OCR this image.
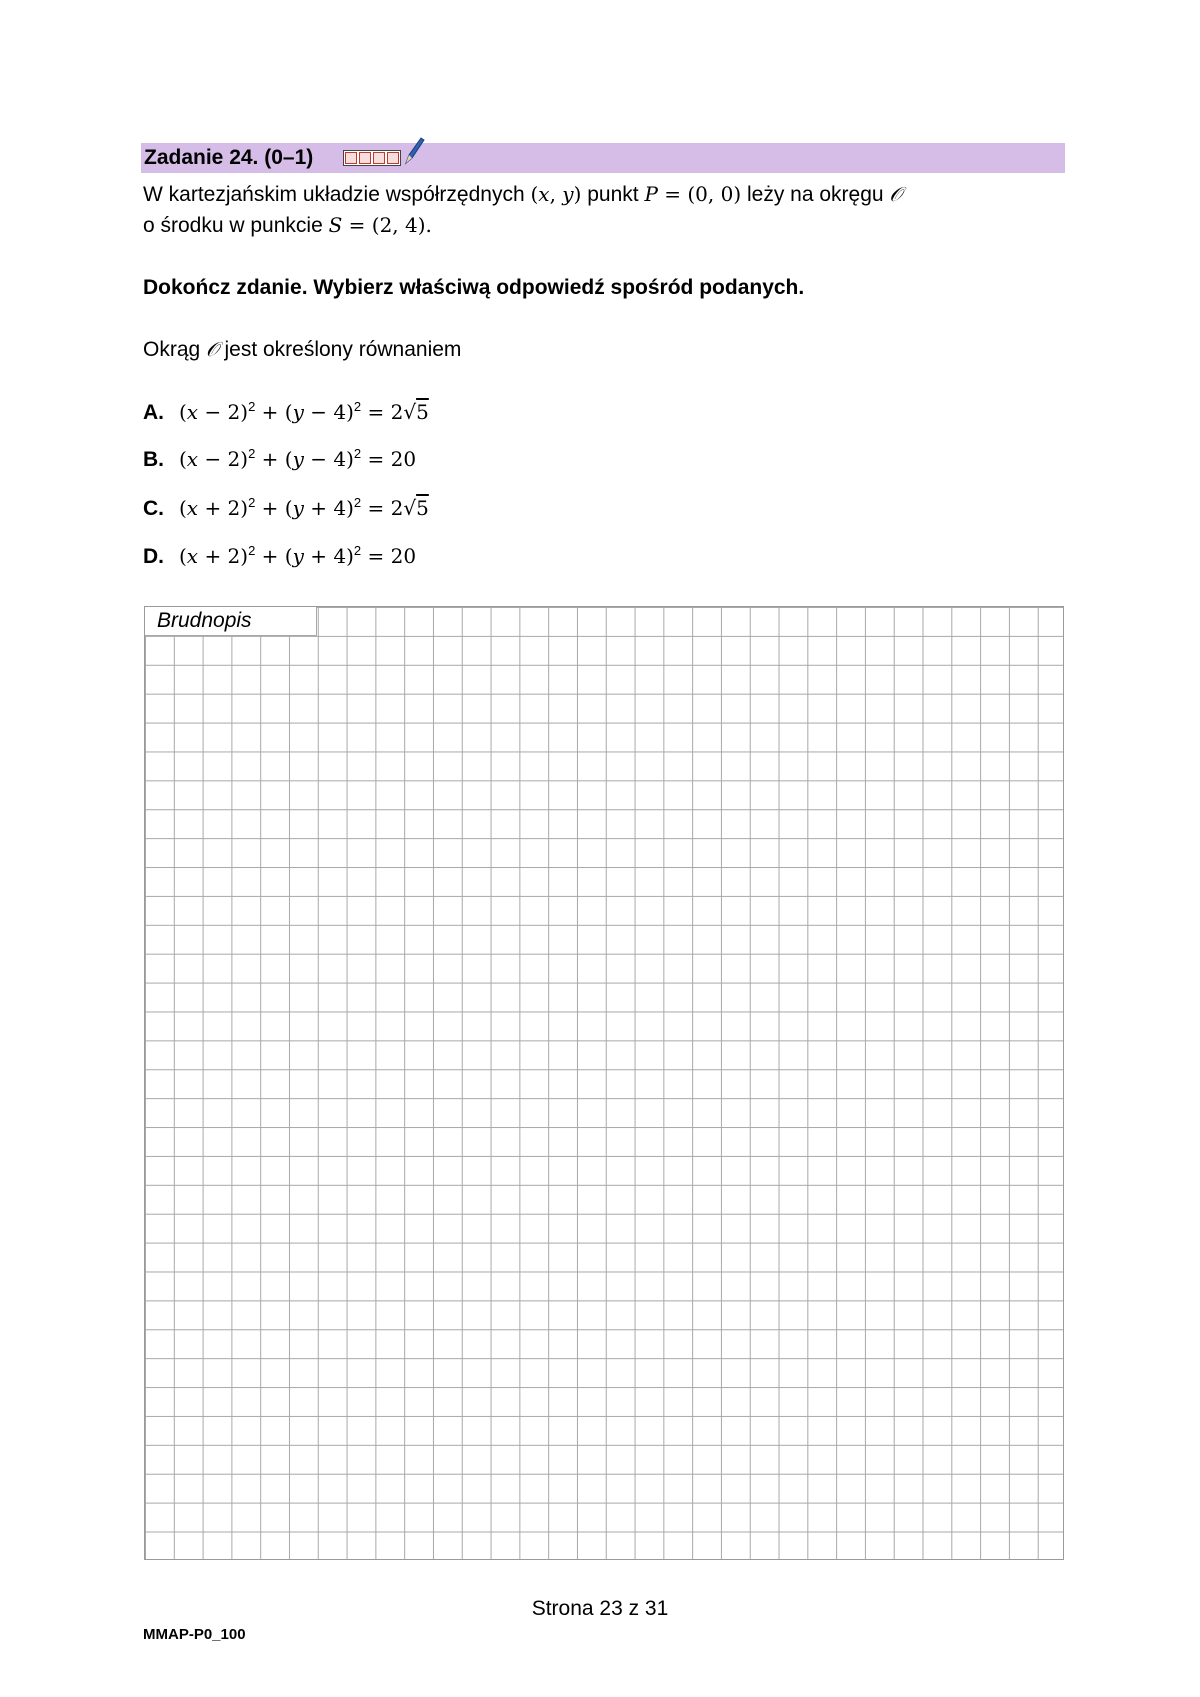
Zadanie 24. (0–1)
W kartezjańskim układzie współrzędnych (𝑥, 𝑦) punkt 𝑃 = (0, 0) leży na okręgu 𝒪
o środku w punkcie 𝑆 = (2, 4).
Dokończ zdanie. Wybierz właściwą odpowiedź spośród podanych.
Okrąg 𝒪 jest określony równaniem
A. (𝑥 − 2)$^2$ + (𝑦 − 4)$^2$ = 2√5
B. (𝑥 − 2)$^2$ + (𝑦 − 4)$^2$ = 20
C. (𝑥 + 2)$^2$ + (𝑦 + 4)$^2$ = 2√5
D. (𝑥 + 2)$^2$ + (𝑦 + 4)$^2$ = 20
Brudnopis
Strona 23 z 31
MMAP-P0_100
